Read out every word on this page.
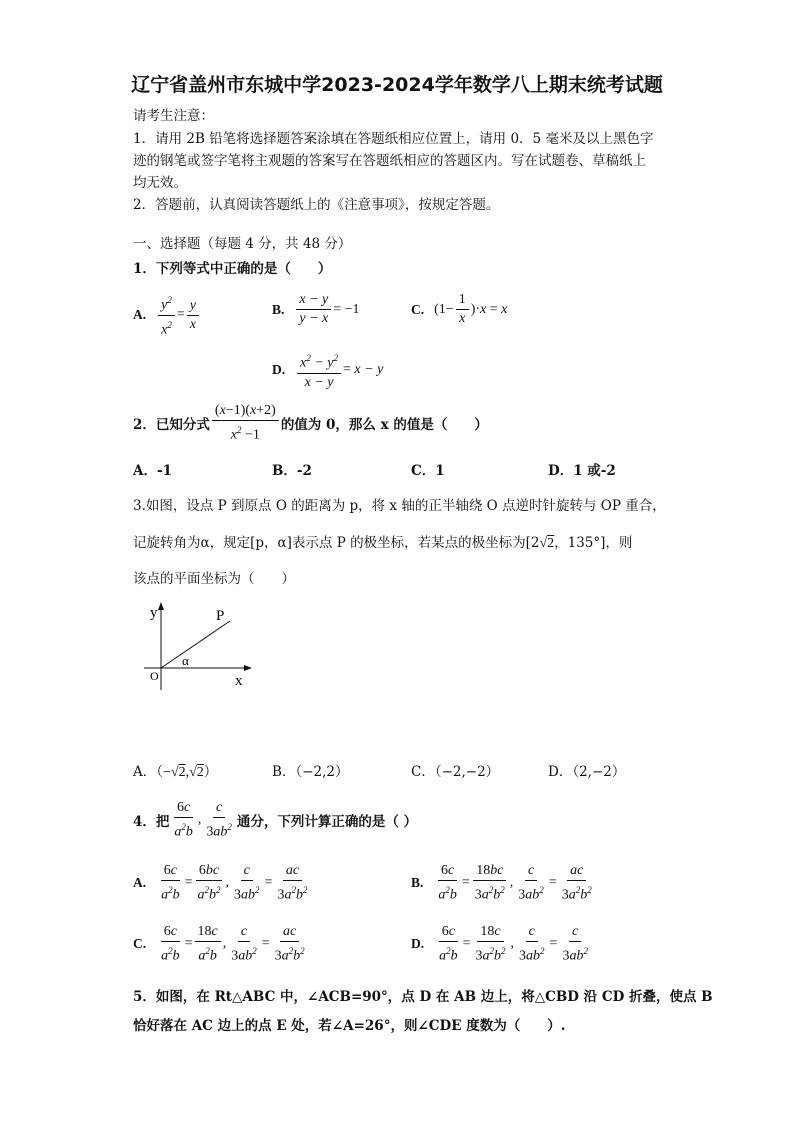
辽宁省盖州市东城中学2023-2024学年数学八上期末统考试题
请考生注意：
1．请用 2B 铅笔将选择题答案涂填在答题纸相应位置上，请用 0．5 毫米及以上黑色字
迹的钢笔或签字笔将主观题的答案写在答题纸相应的答题区内。写在试题卷、草稿纸上
均无效。
2．答题前，认真阅读答题纸上的《注意事项》，按规定答题。
一、选择题（每题 4 分，共 48 分）
1．下列等式中正确的是（　　）
A. $\frac{y^2}{x^2} = \frac{y}{x}$	B. $\frac{x - y}{y - x} = -1$	C. ($1- \frac{1}{x}$ )· x = x
D. $\frac{x^2 - y^2}{x - y} = x - y$
2．已知分式 $\frac{(x-1)(x+2)}{x^2 -1}$ 的值为 0，那么 x 的值是（　　）
A．-1	B．-2	C．1	D．1 或-2
3.如图，设点 P 到原点 O 的距离为 p，将 x 轴的正半轴绕 O 点逆时针旋转与 OP 重合，
记旋转角为α，规定[p，α]表示点 P 的极坐标，若某点的极坐标为[2√2，135°]，则
该点的平面坐标为（　　）
y	P
O	x
α
A．（−√2,√2）	B．（−2,2）	C．（−2,−2）	D．（2,−2）
4．把 $\frac{6c}{a^2b}$ , $\frac{c}{3ab^2}$ 通分，下列计算正确的是（ ）
A. $\frac{6c}{a^2b} = \frac{6bc}{a^2b^2}$ , $\frac{c}{3ab^2} = \frac{ac}{3a^2b^2}$	B. $\frac{6c}{a^2b} = \frac{18bc}{3a^2b^2}$ , $\frac{c}{3ab^2} = \frac{ac}{3a^2b^2}$
C. $\frac{6c}{a^2b} = \frac{18c}{a^2b}$ , $\frac{c}{3ab^2} = \frac{ac}{3a^2b^2}$	D. $\frac{6c}{a^2b} = \frac{18c}{3a^2b^2}$ , $\frac{c}{3ab^2} = \frac{c}{3ab^2}$
5．如图，在 Rt△ABC 中，∠ACB=90°，点 D 在 AB 边上，将△CBD 沿 CD 折叠，使点 B
恰好落在 AC 边上的点 E 处，若∠A=26°，则∠CDE 度数为（　　）.
